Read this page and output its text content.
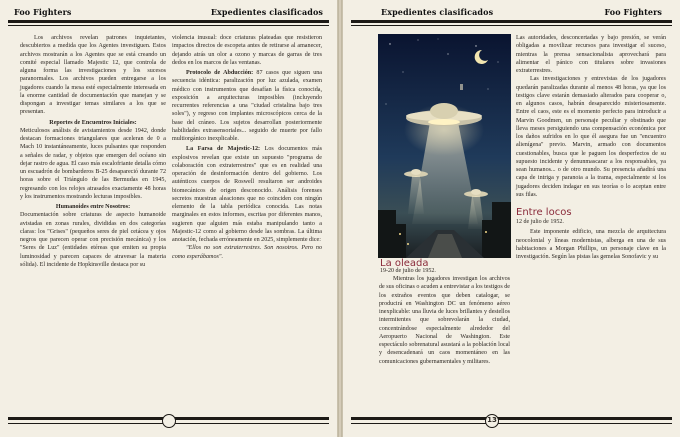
Foo Fighters	Expedientes clasificados

Los archivos revelan patrones inquietantes, descubiertos a medida que los Agentes investiguen. Estos archivos mostrarán a los Agentes que se está creando un comité especial llamado Majestic 12, que controla de alguna forma las investigaciones y los sucesos paranormales. Los archivos pueden entregarse a los jugadores cuando la mesa esté especialmente interesada en la enorme cantidad de documentación que manejan y se dispongan a investigar temas similares a los que se presentan.

Reportes de Encuentros Iniciales:

Meticulosos análisis de avistamientos desde 1942, donde destacan formaciones triangulares que aceleran de 0 a Mach 10 instantáneamente, luces pulsantes que responden a señales de radar, y objetos que emergen del océano sin dejar rastro de agua. El caso más escalofriante detalla cómo un escuadrón de bombarderos B-25 desapareció durante 72 horas sobre el Triángulo de las Bermudas en 1945, regresando con los relojes atrasados exactamente 48 horas y los instrumentos mostrando lecturas imposibles.

Humanoides entre Nosotros:

Documentación sobre criaturas de aspecto humanoide avistadas en zonas rurales, divididas en dos categorías claras: los "Grises" (pequeños seres de piel cetácea y ojos negros que parecen operar con precisión mecánica) y los "Seres de Luz" (entidades etéreas que emiten su propia luminosidad y parecen capaces de atravesar la materia sólida). El incidente de Hopkinsville destaca por su

violencia inusual: doce criaturas plateadas que resistieron impactos directos de escopeta antes de retirarse al amanecer, dejando atrás un olor a ozono y marcas de garras de tres dedos en los marcos de las ventanas.

Protocolo de Abducción: 87 casos que siguen una secuencia idéntica: paralización por luz azulada, examen médico con instrumentos que desafían la física conocida, exposición a arquitecturas imposibles (incluyendo recurrentes referencias a una "ciudad cristalina bajo tres soles"), y regreso con implantes microscópicos cerca de la base del cráneo. Los sujetos desarrollan posteriormente habilidades extrasensoriales... seguido de muerte por fallo multiorgánico inexplicable.

La Farsa de Majestic-12: Los documentos más explosivos revelan que existe un supuesto "programa de colaboración con extraterrestres" que es en realidad una operación de desinformación dentro del gobierno. Los auténticos cuerpos de Roswell resultaron ser androides biomecánicos de origen desconocido. Análisis forenses secretos muestran aleaciones que no coinciden con ningún elemento de la tabla periódica conocida. Las notas marginales en estos informes, escritas por diferentes manos, sugieren que alguien más estaba manipulando tanto a Majestic-12 como al gobierno desde las sombras. La última anotación, fechada erróneamente en 2025, simplemente dice:

"Ellos no son extraterrestres. Son nosotros. Pero no como esperábamos".

Expedientes clasificados	Foo Fighters

Las autoridades, desconcertadas y bajo presión, se verán obligadas a movilizar recursos para investigar el suceso, mientras la prensa sensacionalista aprovechará para alimentar el pánico con titulares sobre invasiones extraterrestres.

Las investigaciones y entrevistas de los jugadores quedarán paralizadas durante al menos 48 horas, ya que los testigos clave estarán demasiado alterados para cooperar o, en algunos casos, habrán desaparecido misteriosamente. Entre el caos, este es el momento perfecto para introducir a Marvin Goodmen, un personaje peculiar y obstinado que lleva meses persiguiendo una compensación económica por los daños sufridos en lo que él asegura fue un "encuentro alienígena" previo. Marvin, armado con documentos cuestionables, busca que le paguen los desperfectos de su supuesto incidente y denunmascarar a los responsables, ya sean humanos... o de otro mundo. Su presencia añadirá una capa de intriga y paranoia a la trama, especialmente si los jugadores deciden indagar en sus teorías o lo aceptan entre sus filas.

Entre locos
12 de julio de 1952.

Este imponente edificio, una mezcla de arquitectura neocolonial y líneas modernistas, alberga en una de sus habitaciones a Morgan Phillips, un personaje clave en la investigación. Según las pistas las gemelas Sonofavic y su

Mientras los jugadores investigan los archivos de sus oficinas o acuden a entrevistar a los testigos de los extraños eventos que deben catalogar, se producirá en Washington DC un fenómeno aéreo inexplicable: una lluvia de luces brillantes y destellos intermitentes que sobrevolarán la ciudad, concentrándose especialmente alrededor del Aeropuerto Nacional de Washington. Este espectáculo sobrenatural asustará a la población local y desencadenará un caos momentáneo en las comunicaciones gubernamentales y militares.

13
La oleada
19-20 de julio de 1952.
